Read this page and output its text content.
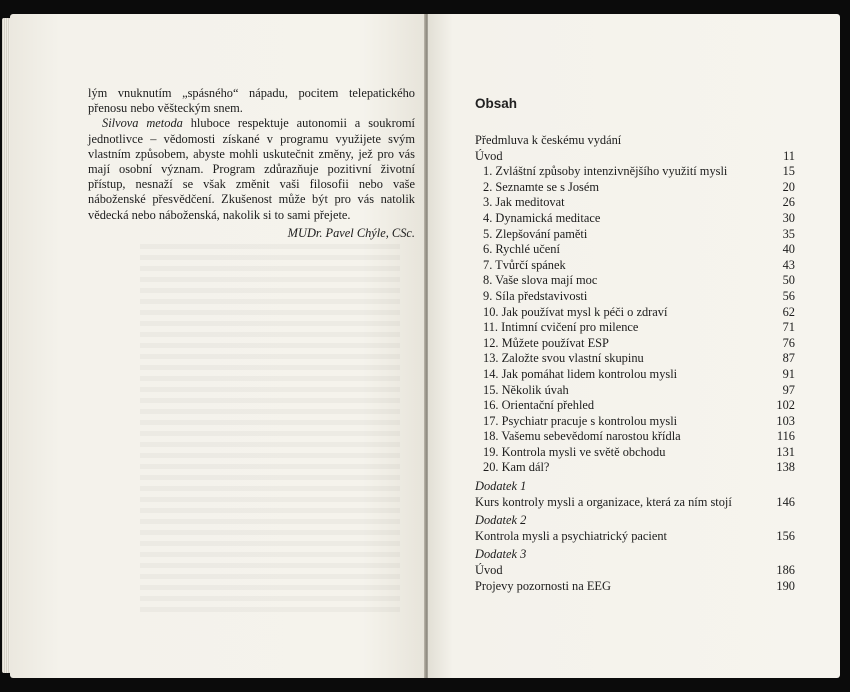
lým vnuknutím „spásného“ nápadu, pocitem telepatického přenosu nebo věšteckým snem.

Silvova metoda hluboce respektuje autonomii a soukromí jednotlivce – vědomosti získané v programu využijete svým vlastním způsobem, abyste mohli uskutečnit změny, jež pro vás mají osobní význam. Program zdůrazňuje pozitivní životní přístup, nesnaží se však změnit vaši filosofii nebo vaše náboženské přesvědčení. Zkušenost může být pro vás natolik vědecká nebo náboženská, nakolik si to sami přejete.

MUDr. Pavel Chýle, CSc.
Obsah
Předmluva k českému vydání
Úvod	11
1. Zvláštní způsoby intenzivnějšího využití mysli	15
2. Seznamte se s Josém	20
3. Jak meditovat	26
4. Dynamická meditace	30
5. Zlepšování paměti	35
6. Rychlé učení	40
7. Tvůrčí spánek	43
8. Vaše slova mají moc	50
9. Síla představivosti	56
10. Jak používat mysl k péči o zdraví	62
11. Intimní cvičení pro milence	71
12. Můžete používat ESP	76
13. Založte svou vlastní skupinu	87
14. Jak pomáhat lidem kontrolou mysli	91
15. Několik úvah	97
16. Orientační přehled	102
17. Psychiatr pracuje s kontrolou mysli	103
18. Vašemu sebevědomí narostou křídla	116
19. Kontrola mysli ve světě obchodu	131
20. Kam dál?	138
Dodatek 1
Kurs kontroly mysli a organizace, která za ním stojí	146
Dodatek 2
Kontrola mysli a psychiatrický pacient	156
Dodatek 3
Úvod	186
Projevy pozornosti na EEG	190
